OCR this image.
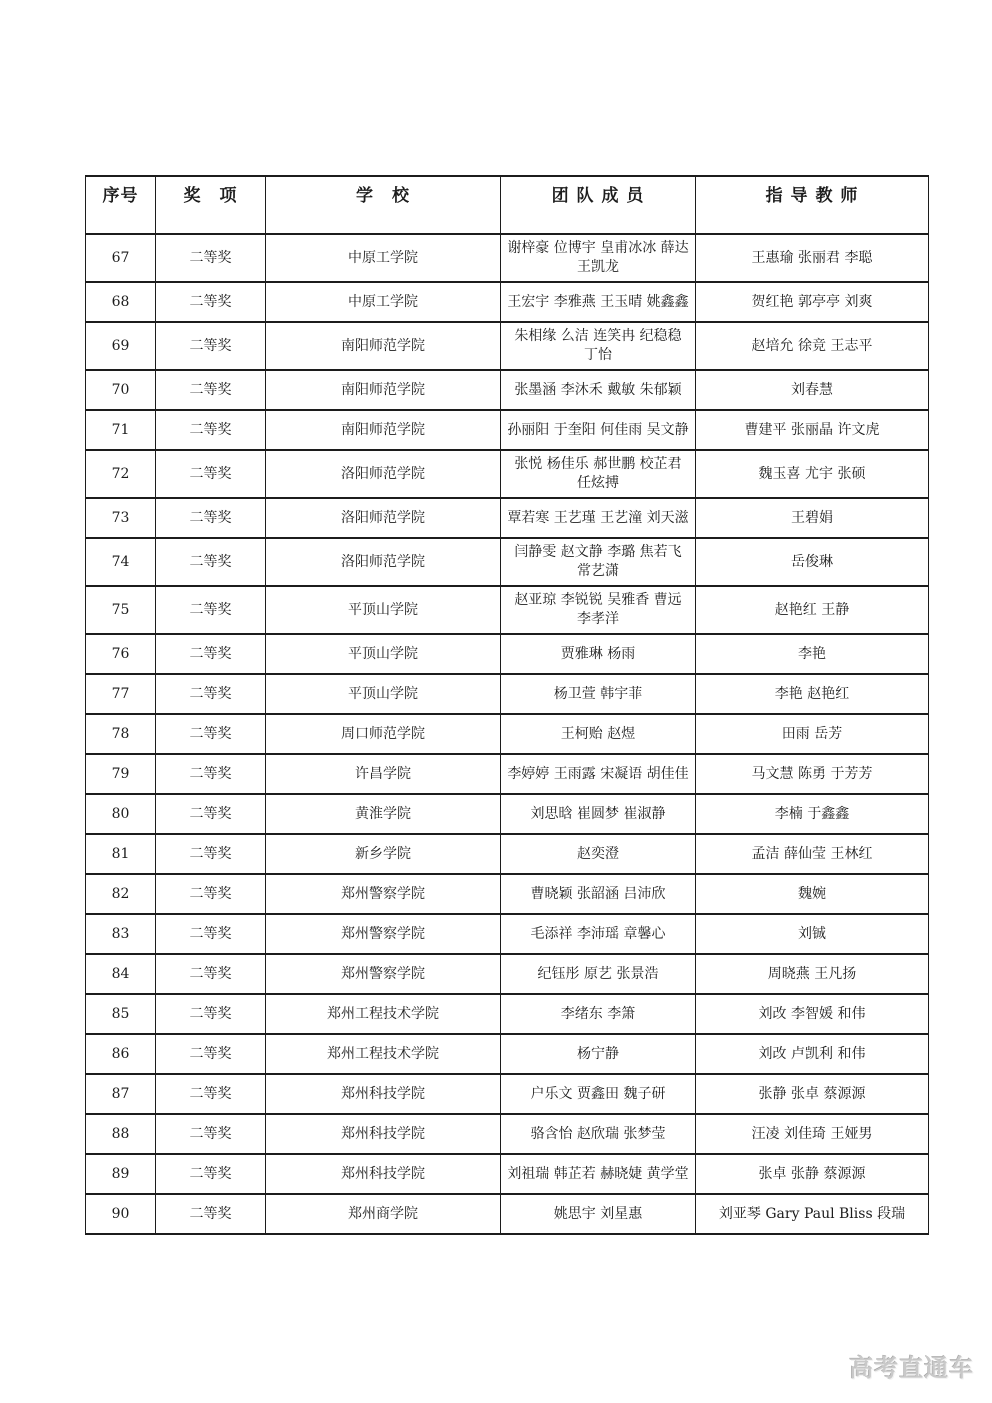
序号	奖　项	学　校	团 队 成 员	指 导 教 师
67	二等奖	中原工学院	谢梓豪 位博宇 皇甫冰冰 薛达 王凯龙	王惠瑜 张丽君 李聪
68	二等奖	中原工学院	王宏宇 李雅燕 王玉晴 姚鑫鑫	贺红艳 郭亭亭 刘爽
69	二等奖	南阳师范学院	朱相缘 么洁 连笑冉 纪稳稳 丁怡	赵培允 徐竞 王志平
70	二等奖	南阳师范学院	张墨涵 李沐禾 戴敏 朱郁颖	刘春慧
71	二等奖	南阳师范学院	孙丽阳 于奎阳 何佳雨 吴文静	曹建平 张丽晶 许文虎
72	二等奖	洛阳师范学院	张悦 杨佳乐 郝世鹏 校芷君 任炫搏	魏玉喜 尤宇 张硕
73	二等奖	洛阳师范学院	覃若寒 王艺瑾 王艺潼 刘天滋	王碧娟
74	二等奖	洛阳师范学院	闫静雯 赵文静 李璐 焦若飞 常艺潇	岳俊琳
75	二等奖	平顶山学院	赵亚琼 李锐锐 吴雅香 曹远 李孝洋	赵艳红 王静
76	二等奖	平顶山学院	贾雅琳 杨雨	李艳
77	二等奖	平顶山学院	杨卫萱 韩宇菲	李艳 赵艳红
78	二等奖	周口师范学院	王柯贻 赵煜	田雨 岳芳
79	二等奖	许昌学院	李婷婷 王雨露 宋凝语 胡佳佳	马文慧 陈勇 于芳芳
80	二等奖	黄淮学院	刘思晗 崔圆梦 崔淑静	李楠 于鑫鑫
81	二等奖	新乡学院	赵奕澄	孟洁 薛仙莹 王林红
82	二等奖	郑州警察学院	曹晓颖 张韶涵 吕沛欣	魏婉
83	二等奖	郑州警察学院	毛添祥 李沛瑶 章馨心	刘铖
84	二等奖	郑州警察学院	纪钰彤 原艺 张景浩	周晓燕 王凡扬
85	二等奖	郑州工程技术学院	李绪东 李箫	刘改 李智媛 和伟
86	二等奖	郑州工程技术学院	杨宁静	刘改 卢凯利 和伟
87	二等奖	郑州科技学院	户乐文 贾鑫田 魏子研	张静 张卓 蔡源源
88	二等奖	郑州科技学院	骆含怡 赵欣瑞 张梦莹	汪凌 刘佳琦 王娅男
89	二等奖	郑州科技学院	刘祖瑞 韩芷若 赫晓婕 黄学堂	张卓 张静 蔡源源
90	二等奖	郑州商学院	姚思宇 刘星惠	刘亚琴 Gary Paul Bliss 段瑞
高考直通车
